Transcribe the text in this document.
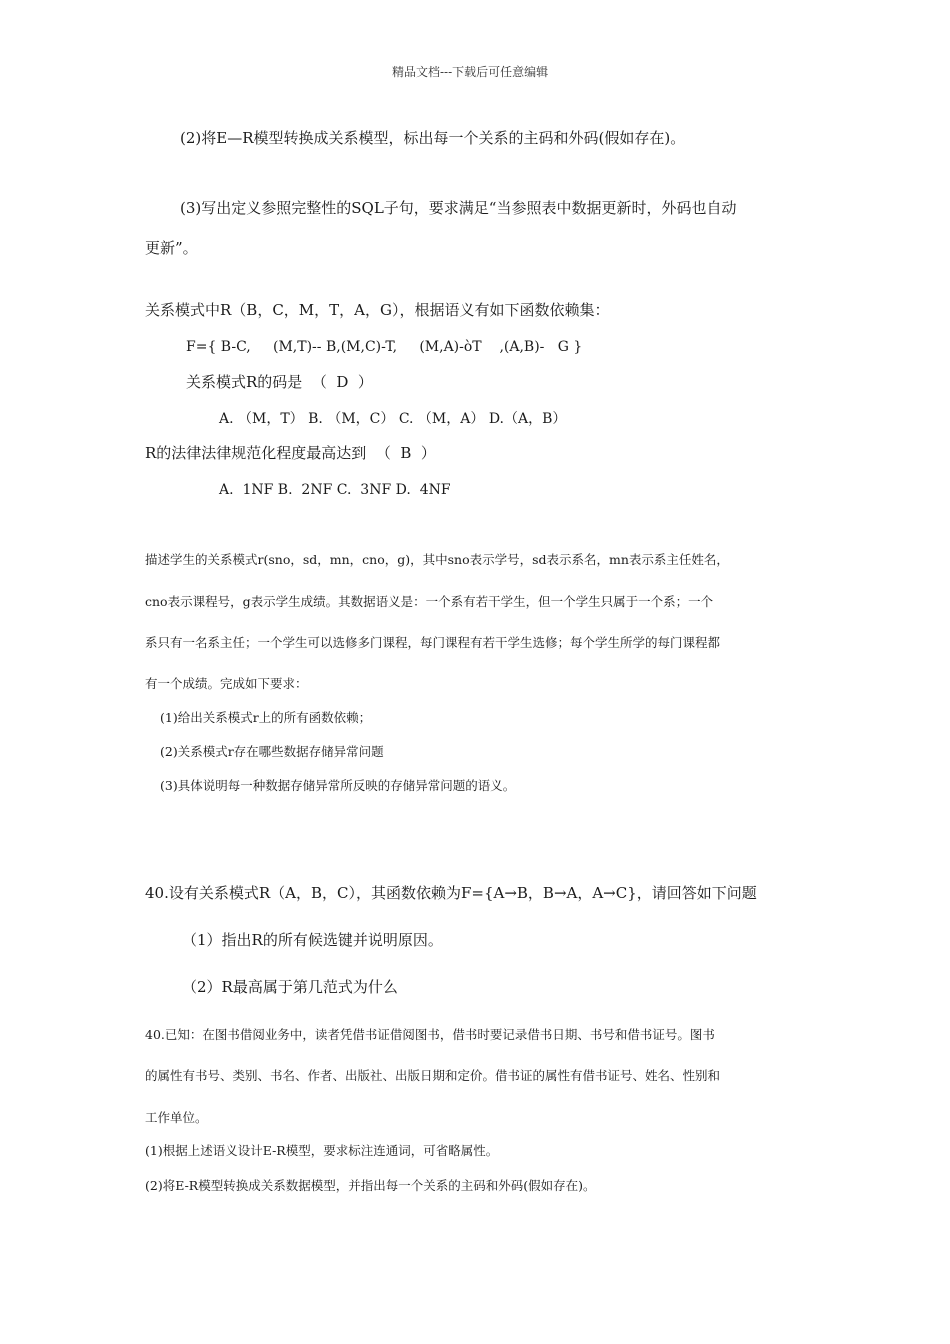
精品文档---下载后可任意编辑
(2)将E—R模型转换成关系模型，标出每一个关系的主码和外码(假如存在)。
(3)写出定义参照完整性的SQL子句，要求满足“当参照表中数据更新时，外码也自动
更新”。
关系模式中R（B，C，M，T，A，G），根据语义有如下函数依赖集：
F={ B-C,     (M,T)-- B,(M,C)-T,     (M,A)-òT    ,(A,B)-   G }
关系模式R的码是  （  D  ）
A. （M，T） B. （M，C） C. （M，A） D.（A，B）
R的法律法律规范化程度最高达到  （  B  ）
A.  1NF B.  2NF C.  3NF D.  4NF
描述学生的关系模式r(sno，sd，mn，cno，g)，其中sno表示学号，sd表示系名，mn表示系主任姓名，
cno表示课程号，g表示学生成绩。其数据语义是：一个系有若干学生，但一个学生只属于一个系；一个
系只有一名系主任；一个学生可以选修多门课程，每门课程有若干学生选修；每个学生所学的每门课程都
有一个成绩。完成如下要求：
(1)给出关系模式r上的所有函数依赖；
(2)关系模式r存在哪些数据存储异常问题
(3)具体说明每一种数据存储异常所反映的存储异常问题的语义。
40.设有关系模式R（A，B，C），其函数依赖为F={A→B，B→A，A→C}，请回答如下问题
（1）指出R的所有候选键并说明原因。
（2）R最高属于第几范式为什么
40.已知：在图书借阅业务中，读者凭借书证借阅图书，借书时要记录借书日期、书号和借书证号。图书
的属性有书号、类别、书名、作者、出版社、出版日期和定价。借书证的属性有借书证号、姓名、性别和
工作单位。
(1)根据上述语义设计E-R模型，要求标注连通词，可省略属性。
(2)将E-R模型转换成关系数据模型，并指出每一个关系的主码和外码(假如存在)。
